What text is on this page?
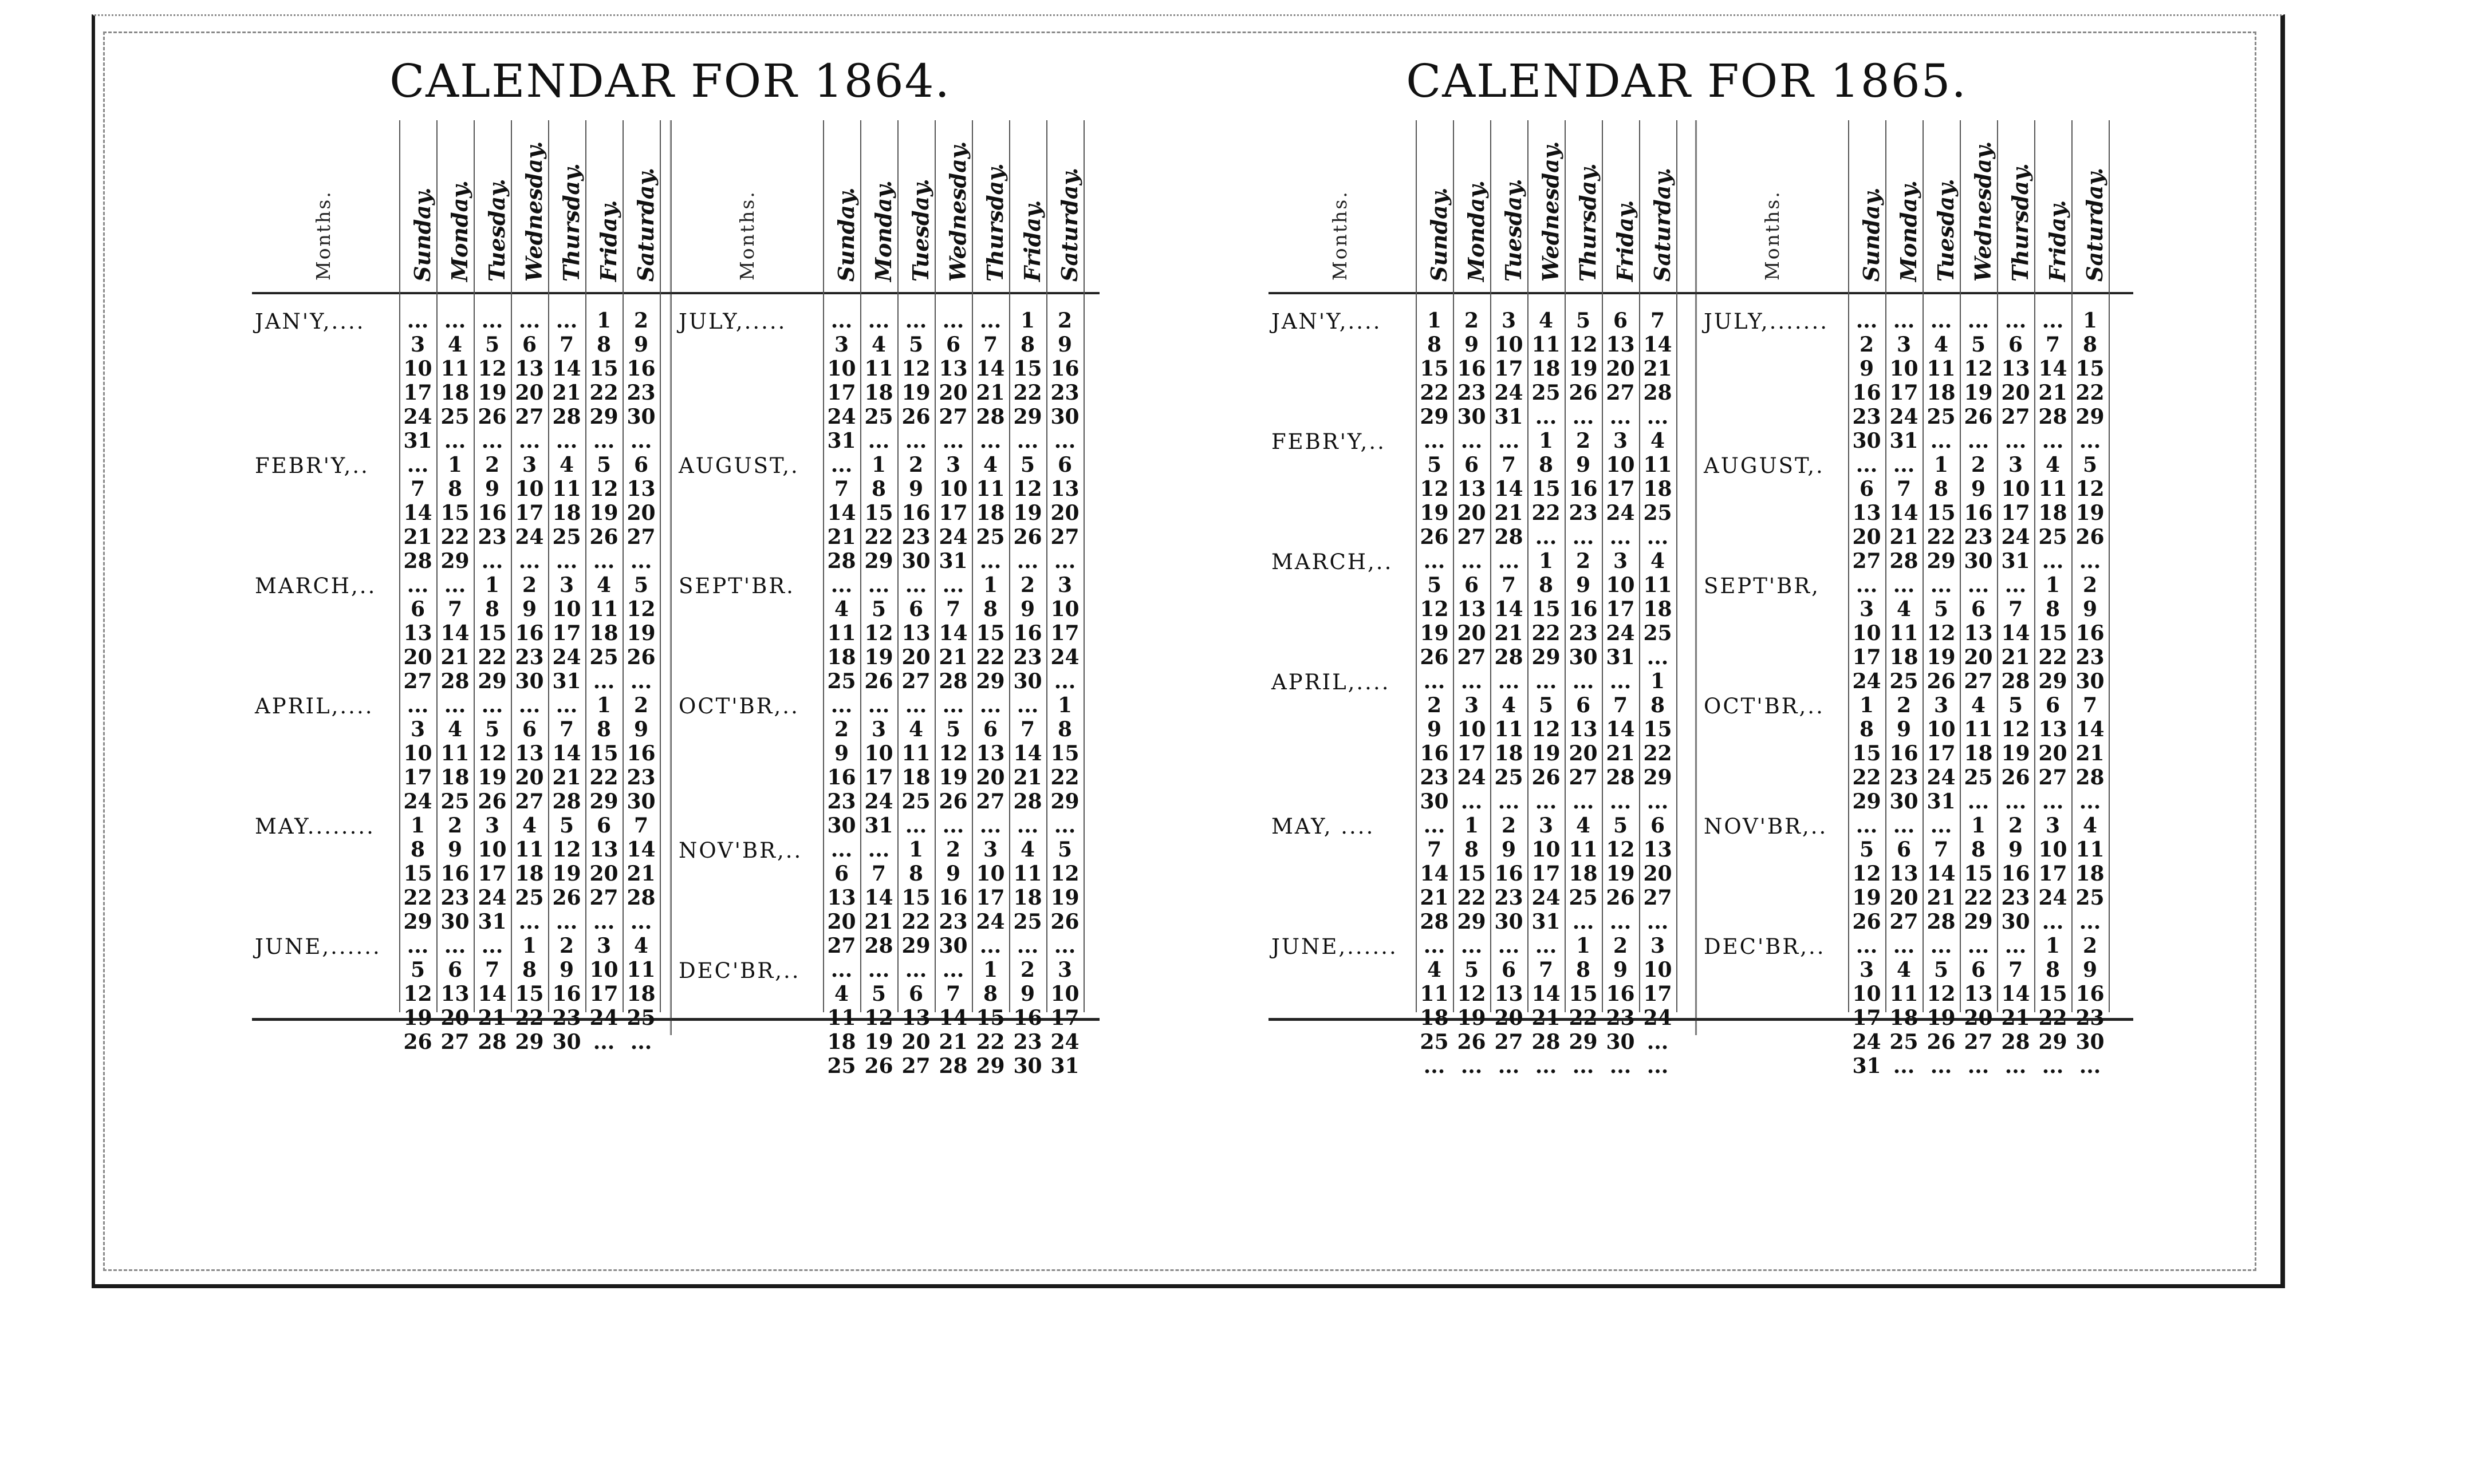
CALENDAR FOR 1864.
Months.	Sunday. Monday. Tuesday. Wednesday. Thursday. Friday. Saturday.
JAN'Y,....	... ... ... ... ... 1	2
3	4	5	6	7	8	9
10 11 12 13 14 15 16
17 18 19 20 21 22 23
24 25 26 27 28 29 30
31 ... ... ... ... ... ...
FEBR'Y,..	... 1	2	3	4	5	6
7	8	9 10 11 12 13
14 15 16 17 18 19 20
21 22 23 24 25 26 27
28 29 ... ... ... ... ...
MARCH,..	... ... 1	2	3	4	5
6	7	8	9 10 11 12
13 14 15 16 17 18 19
20 21 22 23 24 25 26
27 28 29 30 31 ... ...
APRIL,....	... ... ... ... ... 1	2
3	4	5	6	7	8	9
10 11 12 13 14 15 16
17 18 19 20 21 22 23
24 25 26 27 28 29 30
MAY........	1	2	3	4	5	6	7
8	9 10 11 12 13 14
15 16 17 18 19 20 21
22 23 24 25 26 27 28
29 30 31 ... ... ... ...
JUNE,......	... ... ... 1	2	3	4
5	6	7	8	9 10 11
12 13 14 15 16 17 18
19 20 21 22 23 24 25
26 27 28 29 30 ... ...
Months.	Sunday. Monday. Tuesday. Wednesday. Thursday. Friday. Saturday.
JULY,.....	... ... ... ... ... 1	2
3	4	5	6	7	8	9
10 11 12 13 14 15 16
17 18 19 20 21 22 23
24 25 26 27 28 29 30
31 ... ... ... ... ... ...
AUGUST,.	... 1	2	3	4	5	6
7	8	9 10 11 12 13
14 15 16 17 18 19 20
21 22 23 24 25 26 27
28 29 30 31 ... ... ...
SEPT'BR.	... ... ... ... 1	2	3
4	5	6	7	8	9 10
11 12 13 14 15 16 17
18 19 20 21 22 23 24
25 26 27 28 29 30 ...
OCT'BR,..	... ... ... ... ... ... 1
2	3	4	5	6	7	8
9 10 11 12 13 14 15
16 17 18 19 20 21 22
23 24 25 26 27 28 29
30 31 ... ... ... ... ...
NOV'BR,..	... ... 1	2	3	4	5
6	7	8	9 10 11 12
13 14 15 16 17 18 19
20 21 22 23 24 25 26
27 28 29 30 ... ... ...
DEC'BR,..	... ... ... ... 1	2	3
4	5	6	7	8	9 10
11 12 13 14 15 16 17
18 19 20 21 22 23 24
25 26 27 28 29 30 31
CALENDAR FOR 1865.
Months.	Sunday. Monday. Tuesday. Wednesday. Thursday. Friday. Saturday.
JAN'Y,....	1	2	3	4	5	6	7
8	9 10 11 12 13 14
15 16 17 18 19 20 21
22 23 24 25 26 27 28
29 30 31 ... ... ... ...
FEBR'Y,..	... ... ... 1	2	3	4
5	6	7	8	9 10 11
12 13 14 15 16 17 18
19 20 21 22 23 24 25
26 27 28 ... ... ... ...
MARCH,..	... ... ... 1	2	3	4
5	6	7	8	9 10 11
12 13 14 15 16 17 18
19 20 21 22 23 24 25
26 27 28 29 30 31 ...
APRIL,....	... ... ... ... ... ... 1
2	3	4	5	6	7	8
9 10 11 12 13 14 15
16 17 18 19 20 21 22
23 24 25 26 27 28 29
30 ... ... ... ... ... ...
MAY, ....	... 1	2	3	4	5	6
7	8	9 10 11 12 13
14 15 16 17 18 19 20
21 22 23 24 25 26 27
28 29 30 31 ... ... ...
JUNE,......	... ... ... ... 1	2	3
4	5	6	7	8	9 10
11 12 13 14 15 16 17
18 19 20 21 22 23 24
25 26 27 28 29 30 ...
... ... ... ... ... ... ...
Months.	Sunday. Monday. Tuesday. Wednesday. Thursday. Friday. Saturday.
JULY,.......	... ... ... ... ... ... 1
2	3	4	5	6	7	8
9 10 11 12 13 14 15
16 17 18 19 20 21 22
23 24 25 26 27 28 29
30 31 ... ... ... ... ...
AUGUST,.	... ... 1	2	3	4	5
6	7	8	9 10 11 12
13 14 15 16 17 18 19
20 21 22 23 24 25 26
27 28 29 30 31 ... ...
SEPT'BR,	... ... ... ... ... 1	2
3	4	5	6	7	8	9
10 11 12 13 14 15 16
17 18 19 20 21 22 23
24 25 26 27 28 29 30
OCT'BR,..	1	2	3	4	5	6	7
8	9 10 11 12 13 14
15 16 17 18 19 20 21
22 23 24 25 26 27 28
29 30 31 ... ... ... ...
NOV'BR,..	... ... ... 1	2	3	4
5	6	7	8	9 10 11
12 13 14 15 16 17 18
19 20 21 22 23 24 25
26 27 28 29 30 ... ...
DEC'BR,..	... ... ... ... ... 1	2
3	4	5	6	7	8	9
10 11 12 13 14 15 16
17 18 19 20 21 22 23
24 25 26 27 28 29 30
31 ... ... ... ... ... ...
